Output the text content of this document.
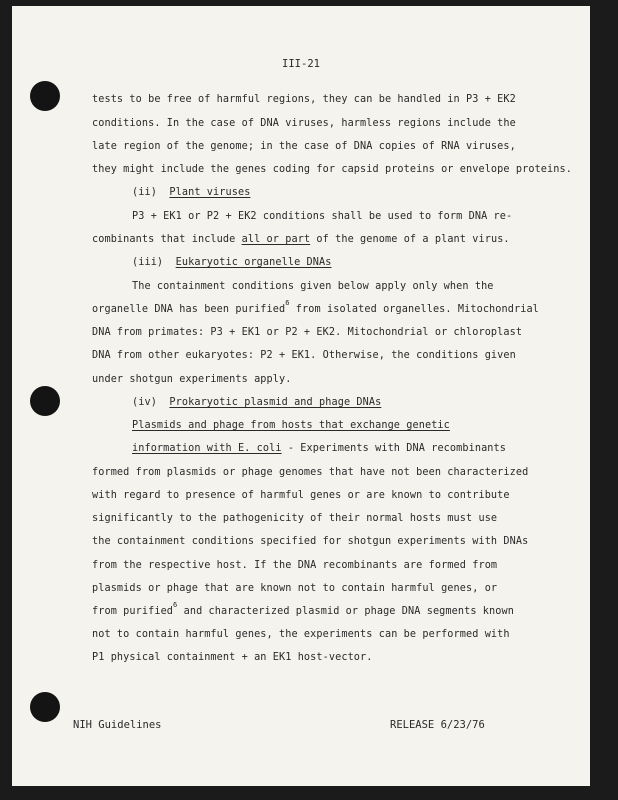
III-21
tests to be free of harmful regions, they can be handled in P3 + EK2
conditions. In the case of DNA viruses, harmless regions include the
late region of the genome; in the case of DNA copies of RNA viruses,
they might include the genes coding for capsid proteins or envelope proteins.
(ii) Plant viruses
P3 + EK1 or P2 + EK2 conditions shall be used to form DNA re-
combinants that include all or part of the genome of a plant virus.
(iii) Eukaryotic organelle DNAs
The containment conditions given below apply only when the
organelle DNA has been purified$^6$ from isolated organelles. Mitochondrial
DNA from primates: P3 + EK1 or P2 + EK2. Mitochondrial or chloroplast
DNA from other eukaryotes: P2 + EK1. Otherwise, the conditions given
under shotgun experiments apply.
(iv) Prokaryotic plasmid and phage DNAs
Plasmids and phage from hosts that exchange genetic
information with E. coli - Experiments with DNA recombinants
formed from plasmids or phage genomes that have not been characterized
with regard to presence of harmful genes or are known to contribute
significantly to the pathogenicity of their normal hosts must use
the containment conditions specified for shotgun experiments with DNAs
from the respective host. If the DNA recombinants are formed from
plasmids or phage that are known not to contain harmful genes, or
from purified$^6$ and characterized plasmid or phage DNA segments known
not to contain harmful genes, the experiments can be performed with
P1 physical containment + an EK1 host-vector.
NIH Guidelines	RELEASE 6/23/76
